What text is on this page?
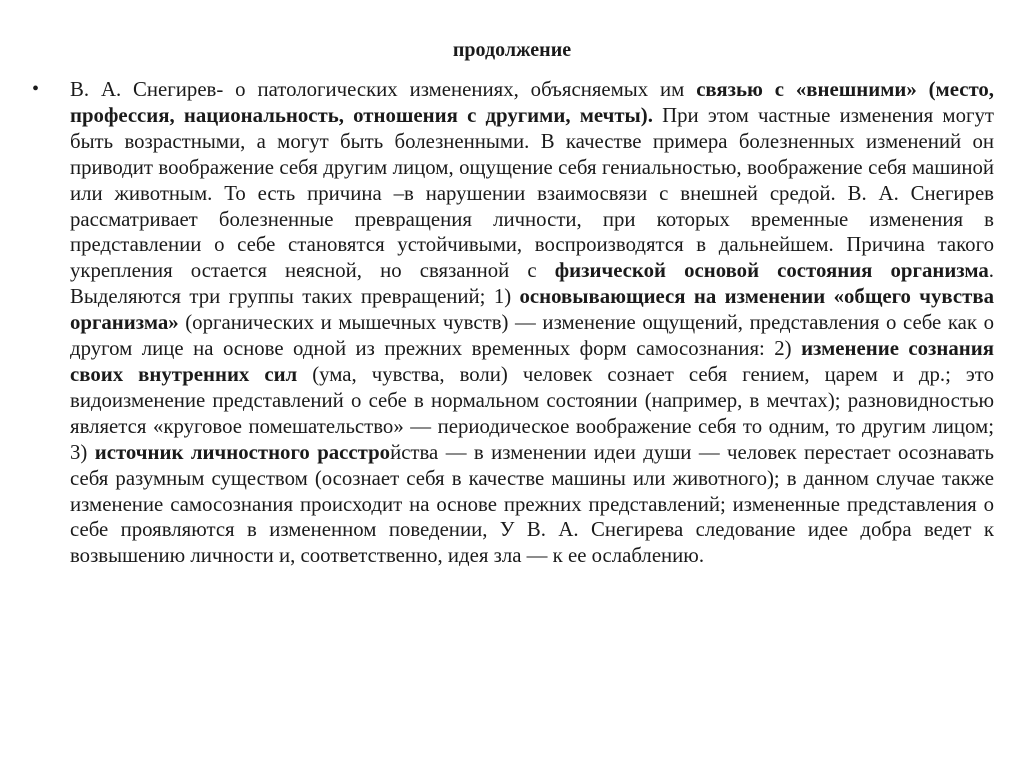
продолжение
• В. А. Снегирев- о патологических изменениях, объясняемых им связью с «внешними» (место, профессия, национальность, отношения с другими, мечты). При этом частные изменения могут быть возрастными, а могут быть болезненными. В качестве примера болезненных изменений он приводит воображение себя другим лицом, ощущение себя гениальностью, воображение себя машиной или животным. То есть причина –в нарушении взаимосвязи с внешней средой. В. А. Снегирев рассматривает болезненные превращения личности, при которых временные изменения в представлении о себе становятся устойчивыми, воспроизводятся в дальнейшем. Причина такого укрепления остается неясной, но связанной с физической основой состояния организма. Выделяются три группы таких превращений; 1) основывающиеся на изменении «общего чувства организма» (органических и мышечных чувств) — изменение ощущений, представления о себе как о другом лице на основе одной из прежних временных форм самосознания: 2) изменение сознания своих внутренних сил (ума, чувства, воли) человек сознает себя гением, царем и др.; это видоизменение представлений о себе в нормальном состоянии (например, в мечтах); разновидностью является «круговое помешательство» — периодическое воображение себя то одним, то другим лицом; 3) источник личностного расстройства — в изменении идеи души — человек перестает осознавать себя разумным существом (осознает себя в качестве машины или животного); в данном случае также изменение самосознания происходит на основе прежних представлений; измененные представления о себе проявляются в измененном поведении, У В. А. Снегирева следование идее добра ведет к возвышению личности и, соответственно, идея зла — к ее ослаблению.
